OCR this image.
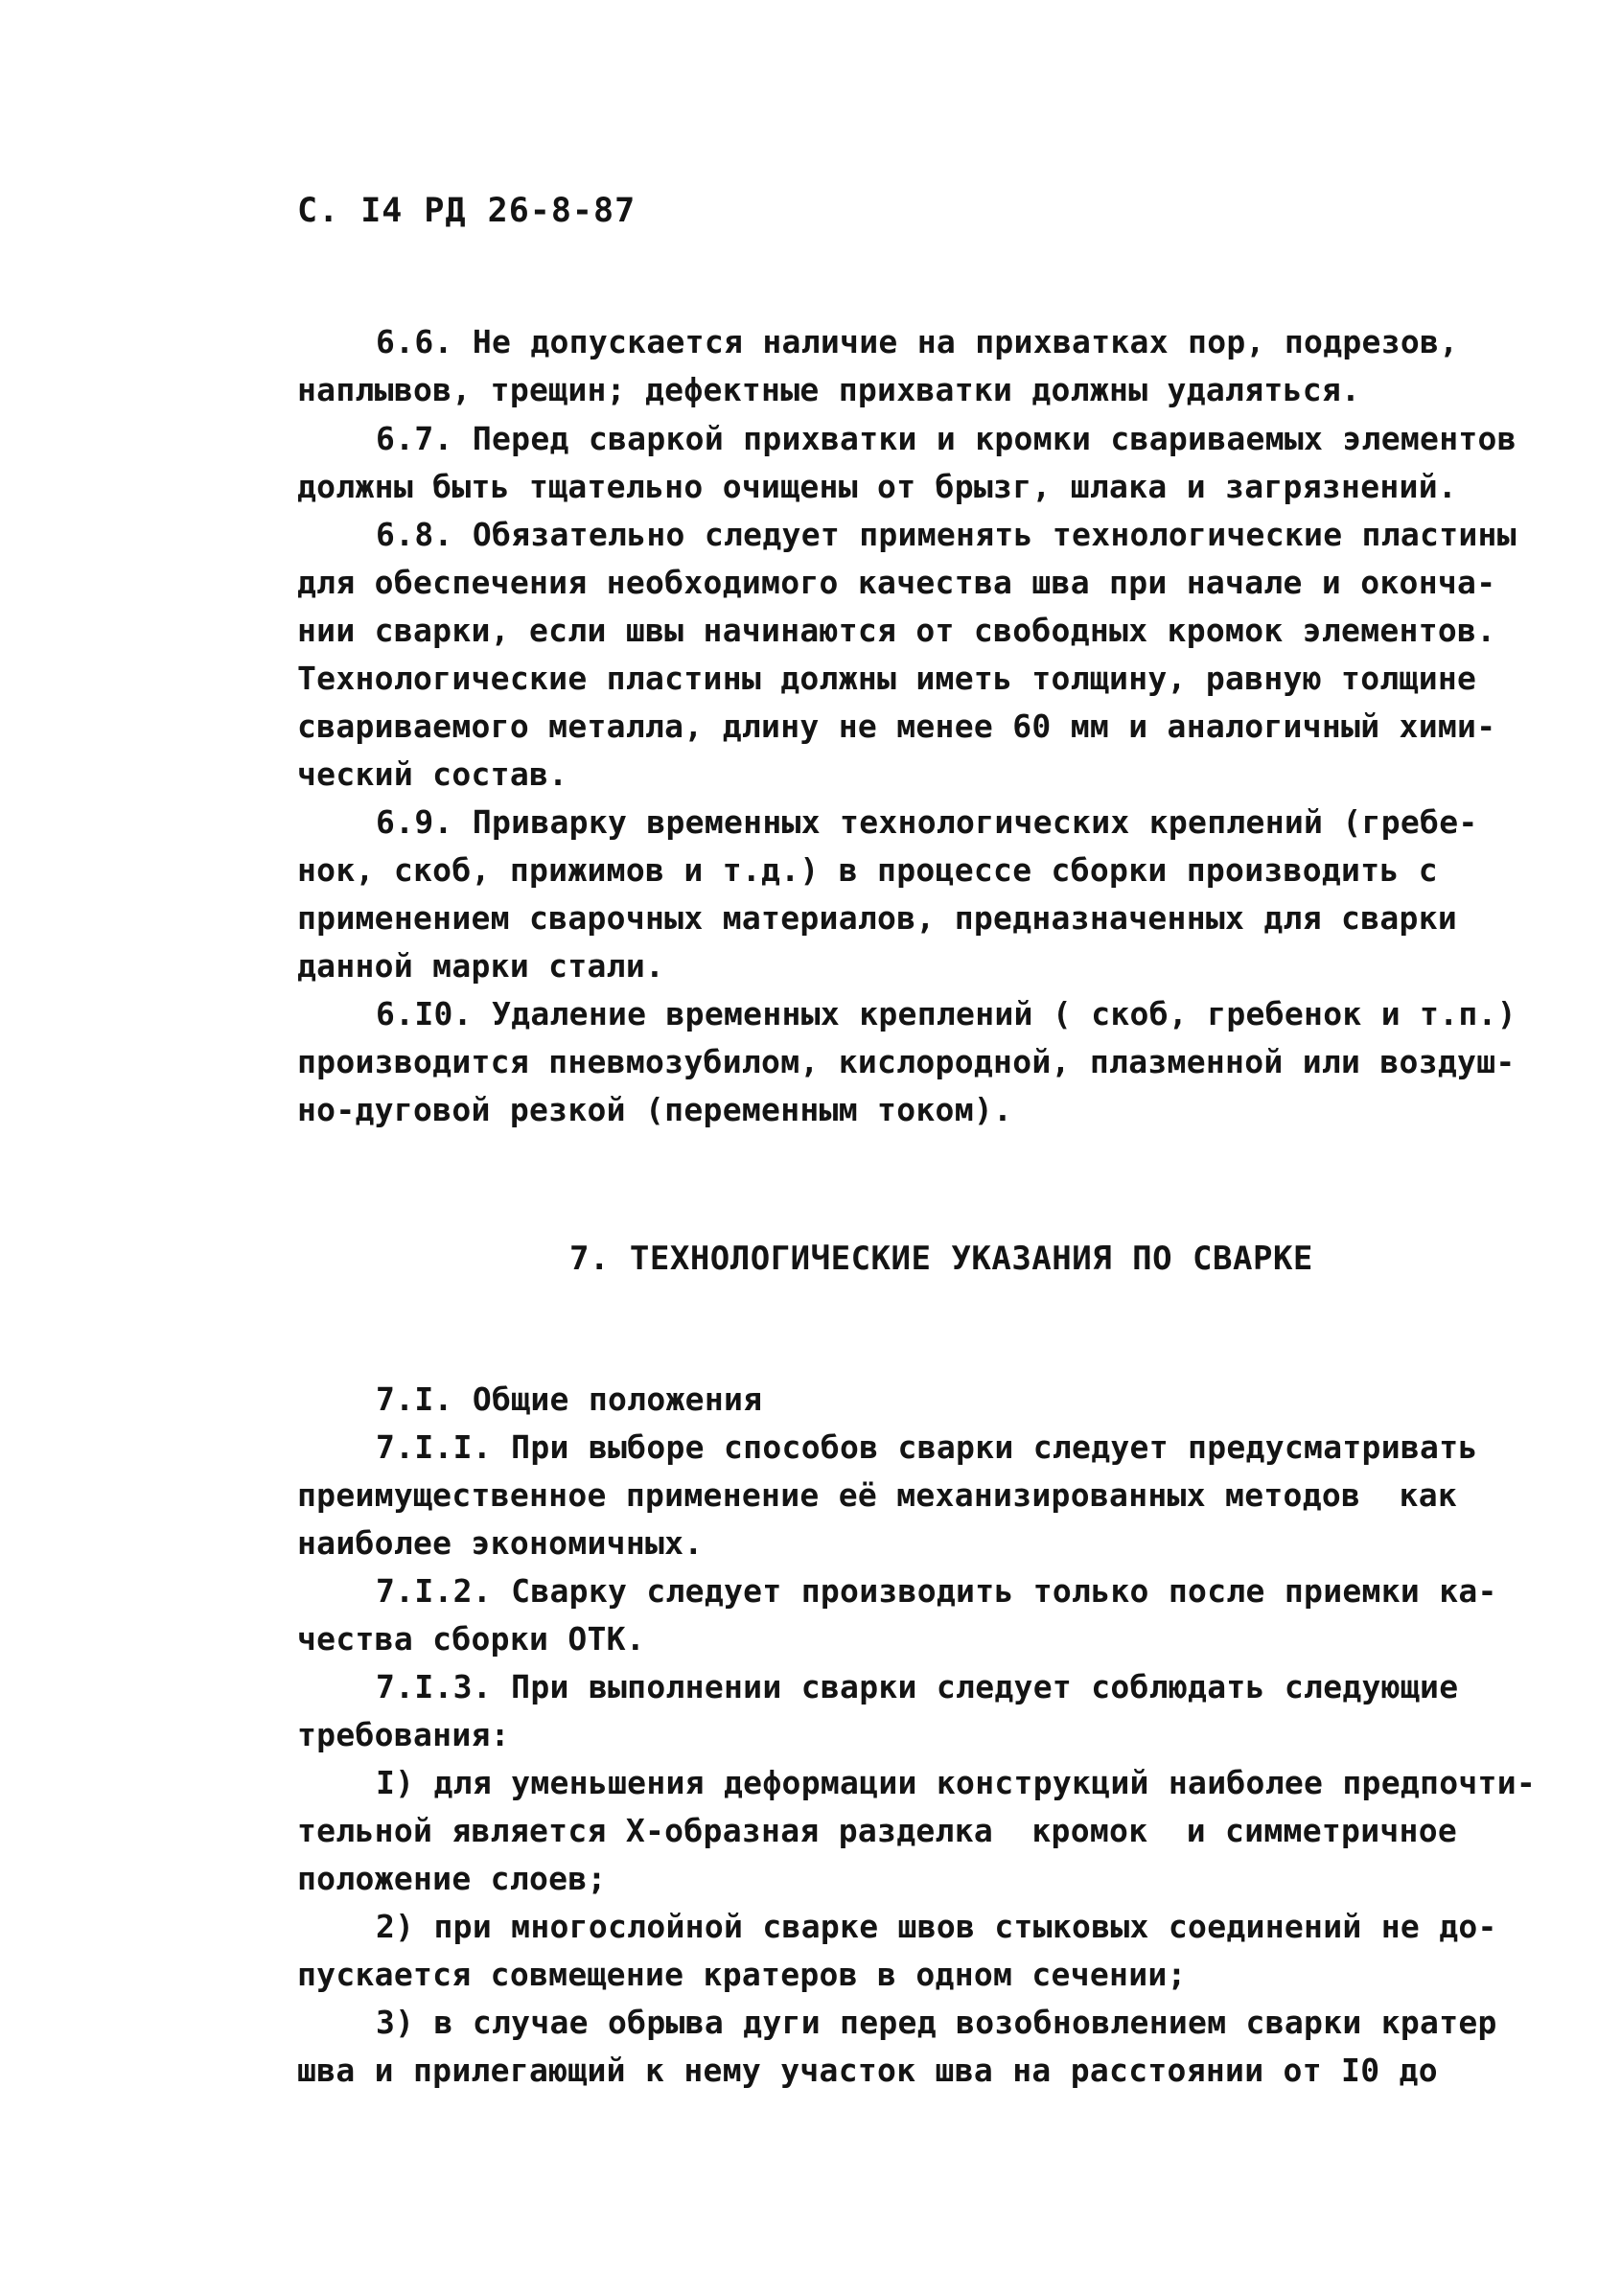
С. I4 РД 26-8-87
6.6. Не допускается наличие на прихватках пор, подрезов,
наплывов, трещин; дефектные прихватки должны удаляться.
6.7. Перед сваркой прихватки и кромки свариваемых элементов
должны быть тщательно очищены от брызг, шлака и загрязнений.
6.8. Обязательно следует применять технологические пластины
для обеспечения необходимого качества шва при начале и оконча-
нии сварки, если швы начинаются от свободных кромок элементов.
Технологические пластины должны иметь толщину, равную толщине
свариваемого металла, длину не менее 60 мм и аналогичный хими-
ческий состав.
6.9. Приварку временных технологических креплений (гребе-
нок, скоб, прижимов и т.д.) в процессе сборки производить с
применением сварочных материалов, предназначенных для сварки
данной марки стали.
6.I0. Удаление временных креплений ( скоб, гребенок и т.п.)
производится пневмозубилом, кислородной, плазменной или воздуш-
но-дуговой резкой (переменным током).
7. ТЕХНОЛОГИЧЕСКИЕ УКАЗАНИЯ ПО СВАРКЕ
7.I. Общие положения
7.I.I. При выборе способов сварки следует предусматривать
преимущественное применение её механизированных методов  как
наиболее экономичных.
7.I.2. Сварку следует производить только после приемки ка-
чества сборки ОТК.
7.I.3. При выполнении сварки следует соблюдать следующие
требования:
I) для уменьшения деформации конструкций наиболее предпочти-
тельной является Х-образная разделка  кромок  и симметричное
положение слоев;
2) при многослойной сварке швов стыковых соединений не до-
пускается совмещение кратеров в одном сечении;
3) в случае обрыва дуги перед возобновлением сварки кратер
шва и прилегающий к нему участок шва на расстоянии от I0 до
